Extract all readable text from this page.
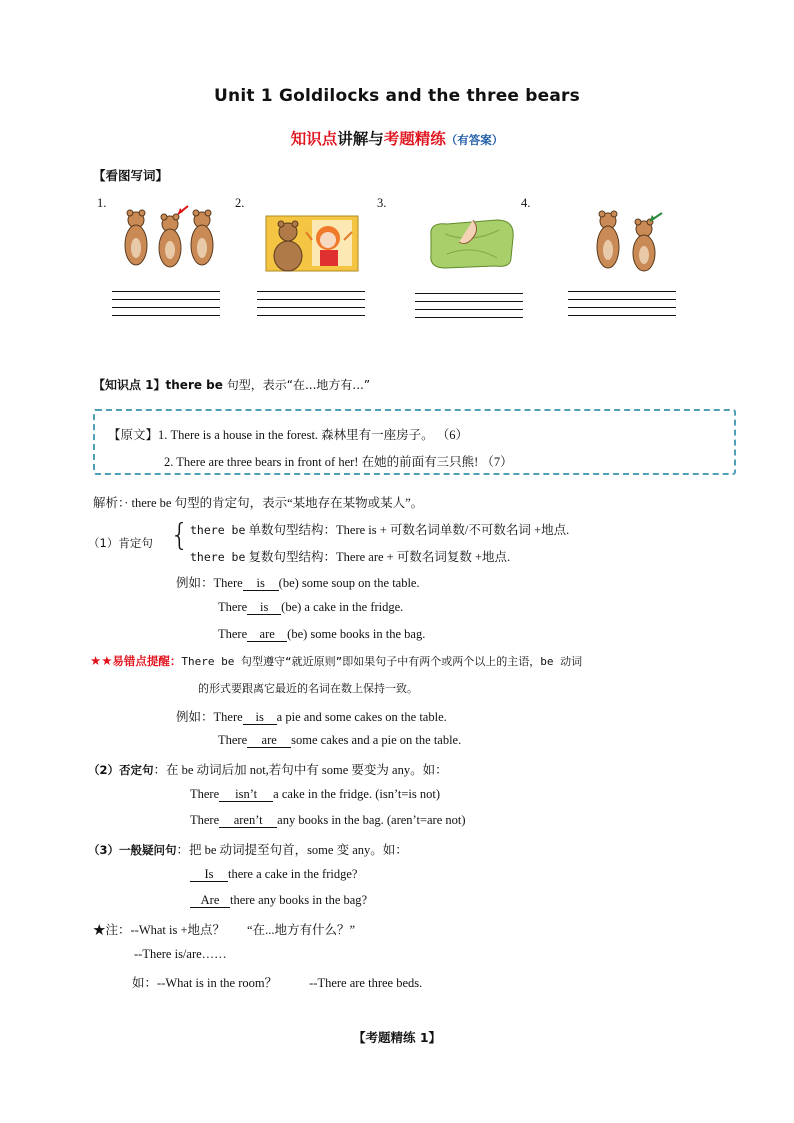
Unit 1 Goldilocks and the three bears
知识点讲解与考题精练（有答案）
【看图写词】
1.	2.	3.	4.
【知识点 1】there be 句型，表示“在...地方有...”
【原文】1. There is a house in the forest. 森林里有一座房子。 （6）
2. There are three bears in front of her! 在她的前面有三只熊! （7）
解析：· there be 句型的肯定句，表示“某地存在某物或某人”。
（1）肯定句 { there be 单数句型结构：There is + 可数名词单数/不可数名词 +地点.
there be 复数句型结构：There are + 可数名词复数 +地点.
例如：There is (be) some soup on the table.
There is (be) a cake in the fridge.
There are (be) some books in the bag.
★★易错点提醒：There be 句型遵守“就近原则”即如果句子中有两个或两个以上的主语，be 动词
的形式要跟离它最近的名词在数上保持一致。
例如：There is a pie and some cakes on the table.
There are some cakes and a pie on the table.
（2）否定句：在 be 动词后加 not,若句中有 some 要变为 any。如：
There isn’t a cake in the fridge. (isn’t=is not)
There aren’t any books in the bag. (aren’t=are not)
（3）一般疑问句：把 be 动词提至句首，some 变 any。如：
Is there a cake in the fridge?
Are there any books in the bag?
★注：--What is +地点？ “在...地方有什么？”
--There is/are……
如：--What is in the room？	--There are three beds.
【考题精练 1】
